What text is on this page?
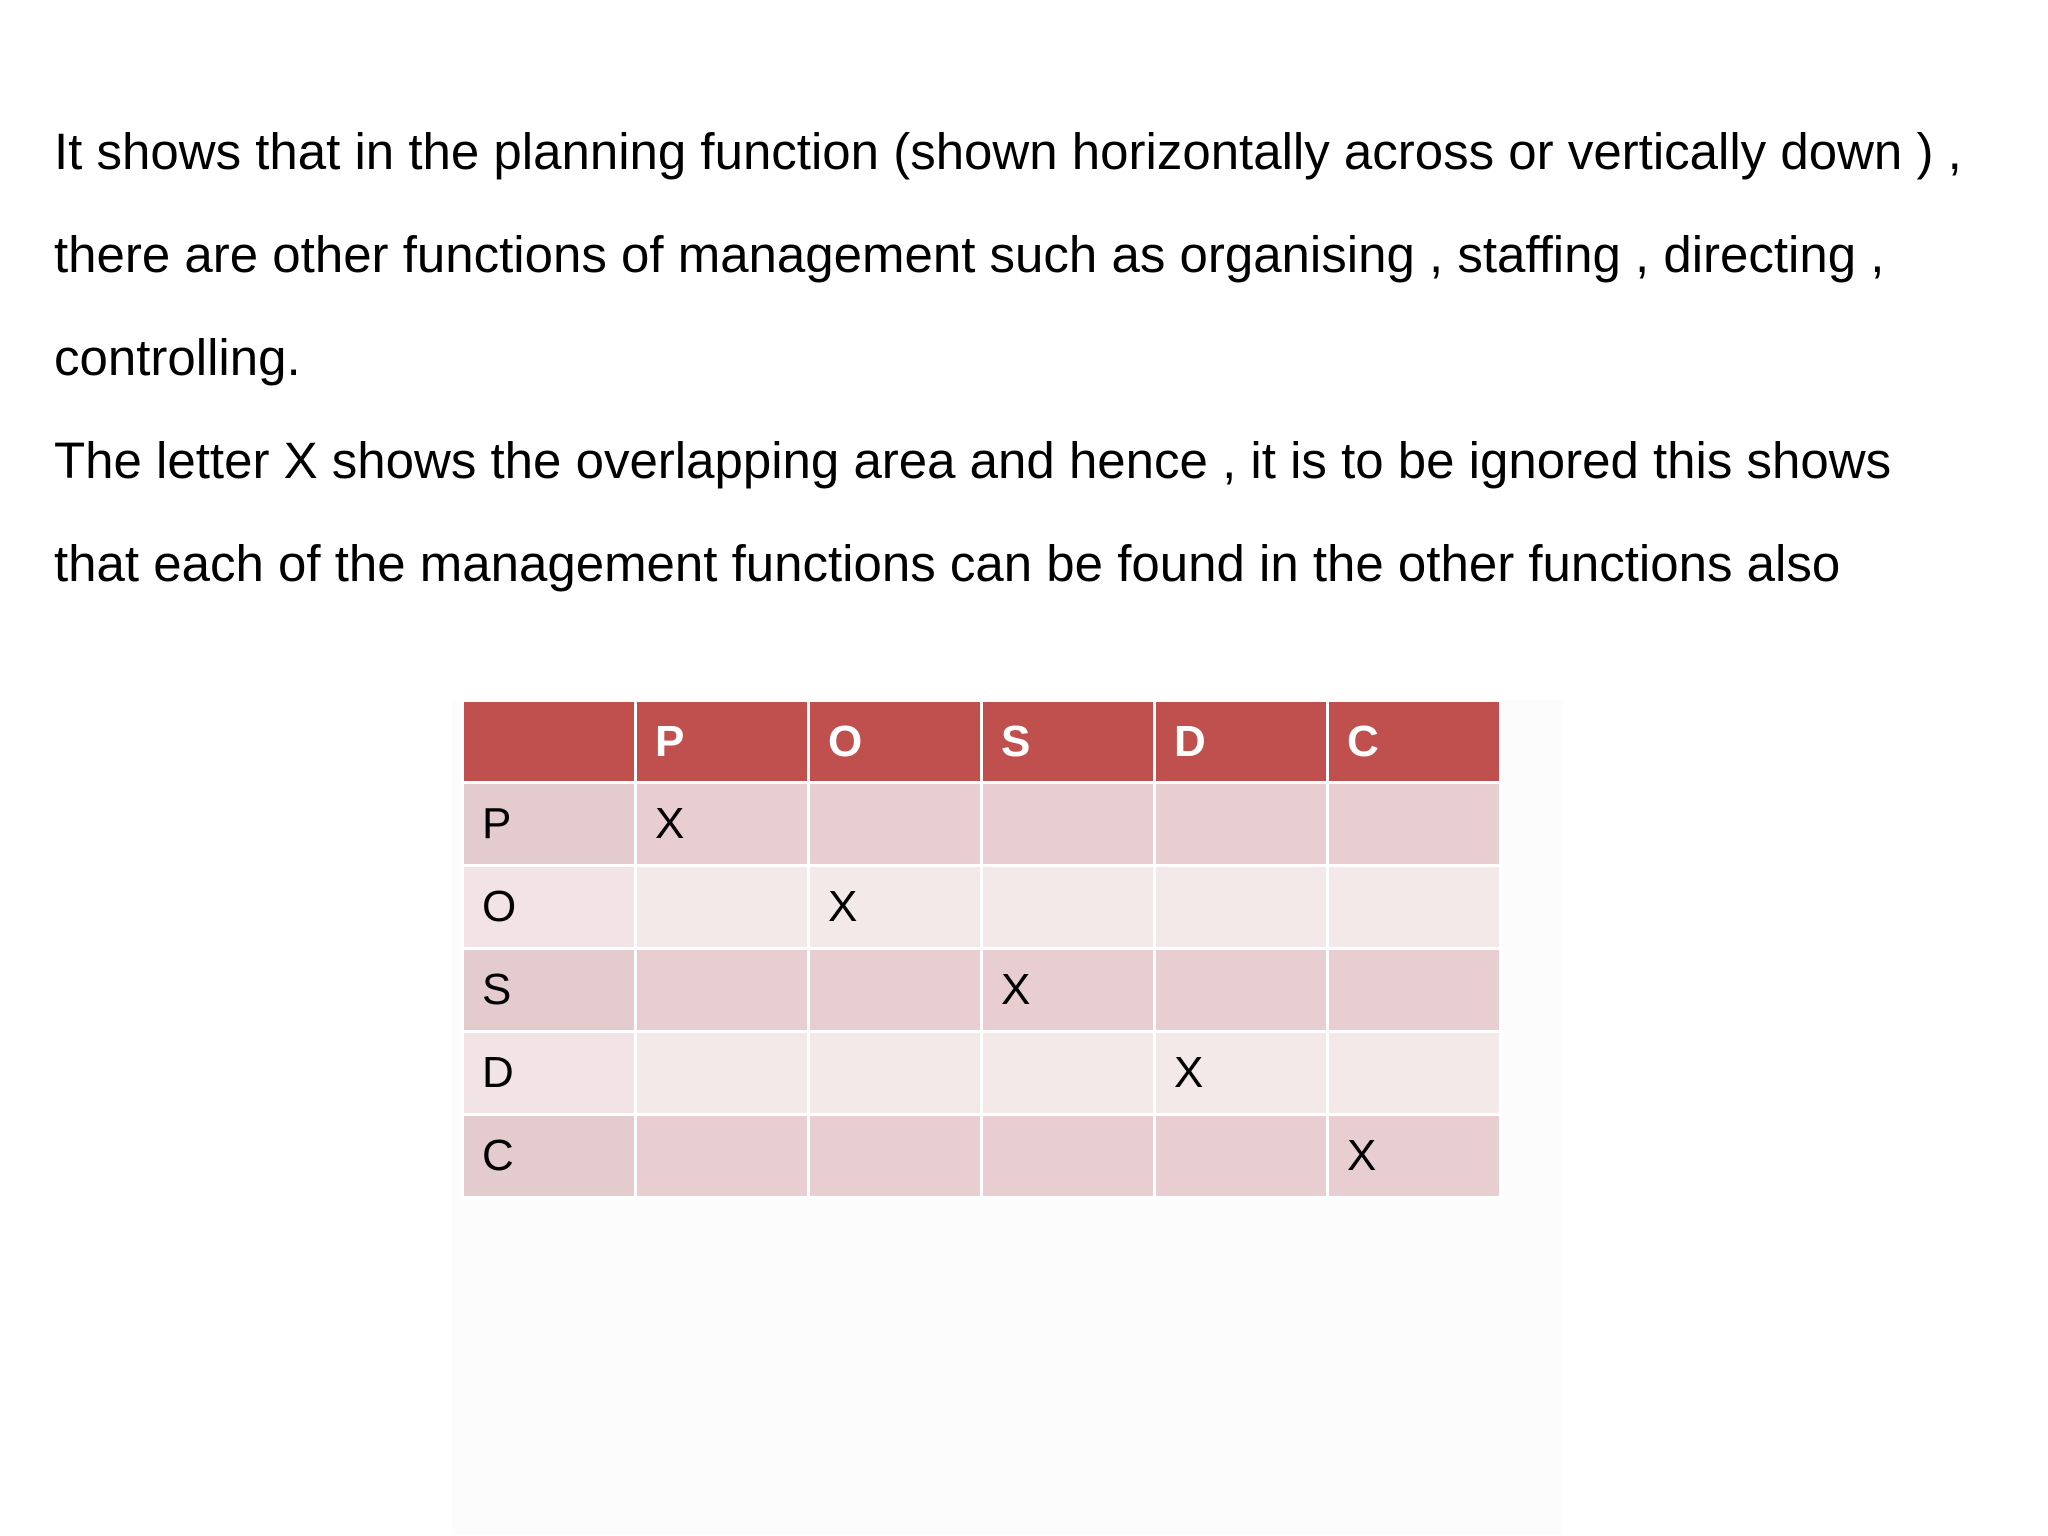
It shows that in the planning function (shown horizontally across or vertically down ) ,

there are other functions of management such as organising , staffing , directing ,

controlling.

The letter X shows the overlapping area and hence , it is to be ignored this shows

that each of the management functions can be found in the other functions also

	P	O	S	D	C
P	X				
O		X			
S			X		
D				X	
C					X
